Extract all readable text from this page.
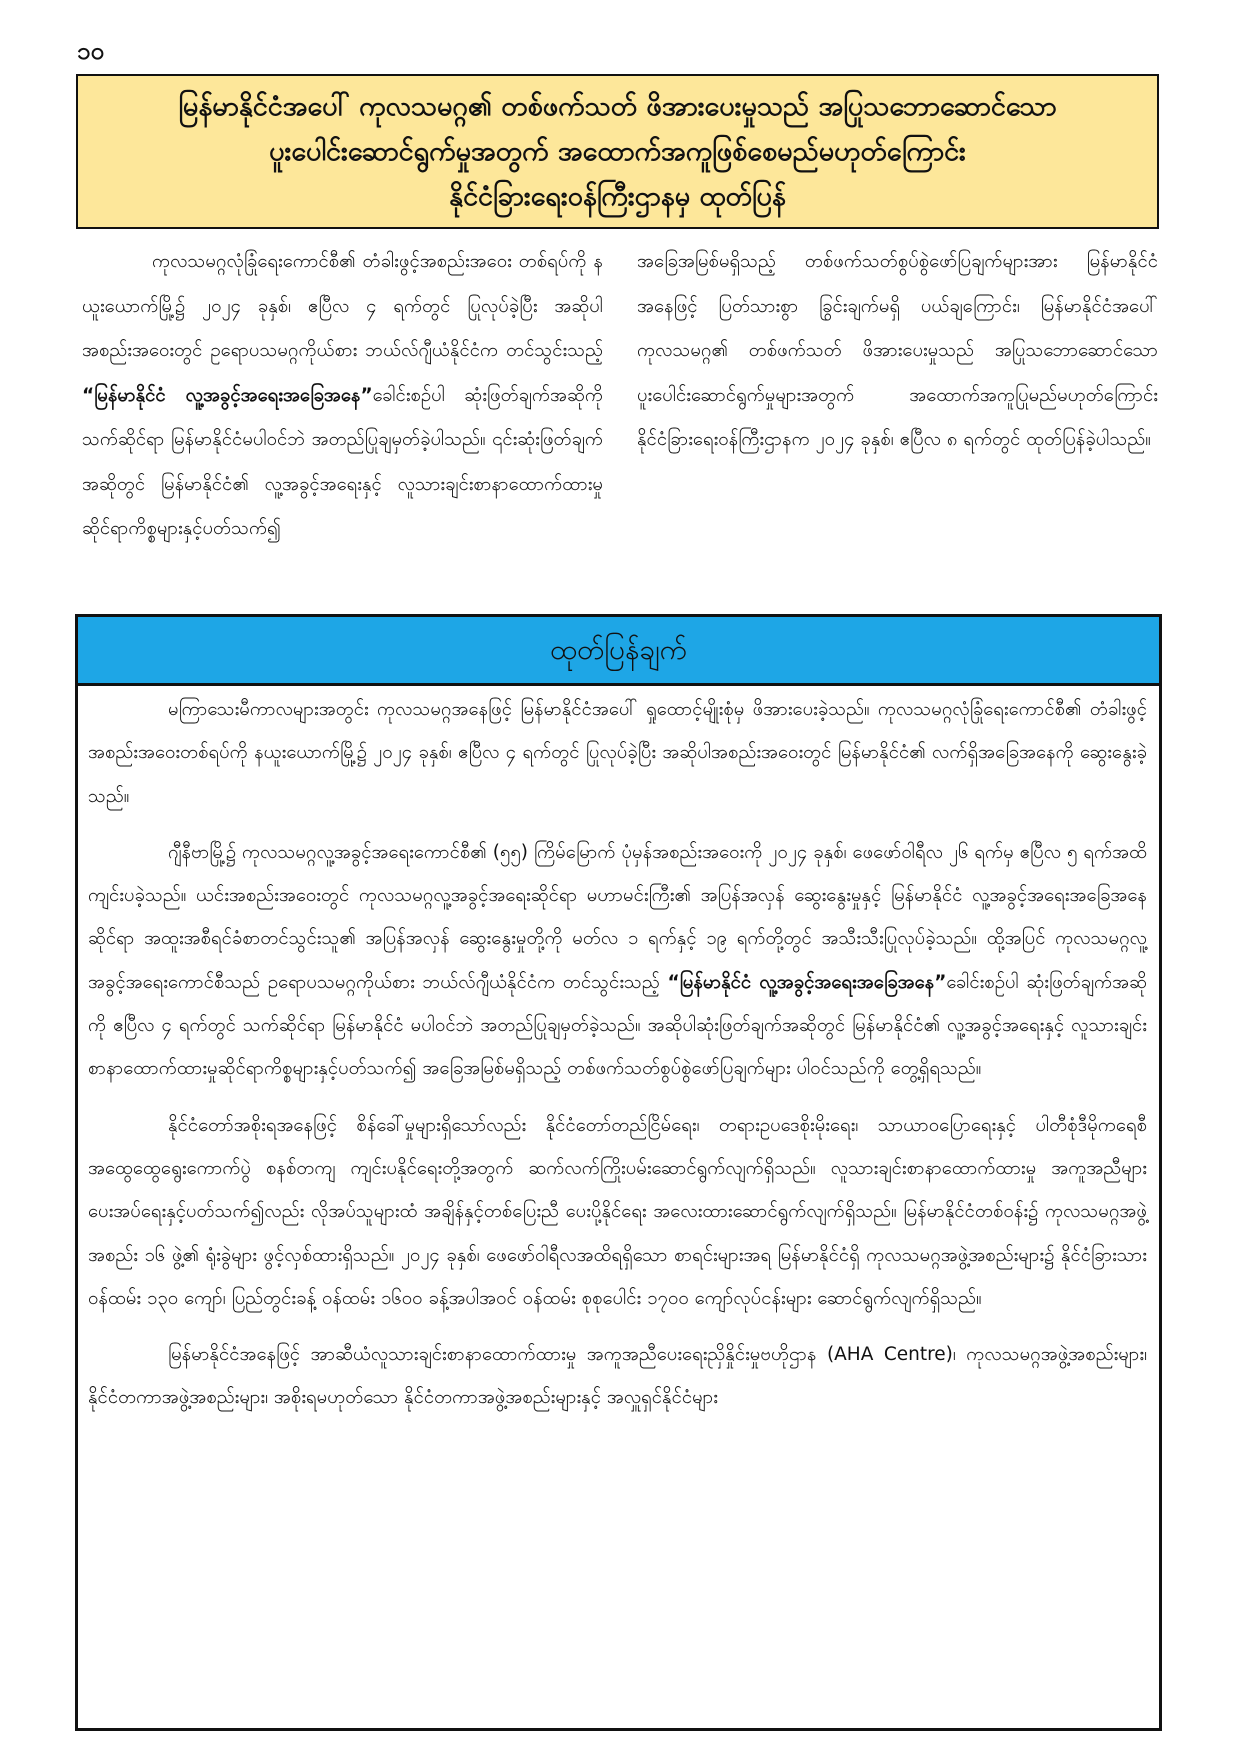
၁၀
မြန်မာနိုင်ငံအပေါ် ကုလသမဂ္ဂ၏ တစ်ဖက်သတ် ဖိအားပေးမှုသည် အပြုသဘောဆောင်သော
ပူးပေါင်းဆောင်ရွက်မှုအတွက် အထောက်အကူဖြစ်စေမည်မဟုတ်ကြောင်း
နိုင်ငံခြားရေးဝန်ကြီးဌာနမှ ထုတ်ပြန်

ကုလသမဂ္ဂလုံခြုံရေးကောင်စီ၏ တံခါးဖွင့်အစည်းအဝေး တစ်ရပ်ကို နယူးယောက်မြို့၌ ၂၀၂၄ ခုနှစ်၊ ဧပြီလ ၄ ရက်တွင် ပြုလုပ်ခဲ့ပြီး အဆိုပါအစည်းအဝေးတွင် ဥရောပသမဂ္ဂကိုယ်စား ဘယ်လ်ဂျီယံနိုင်ငံက တင်သွင်းသည့် “မြန်မာနိုင်ငံ လူ့အခွင့်အရေးအခြေအနေ”ခေါင်းစဉ်ပါ ဆုံးဖြတ်ချက်အဆိုကို သက်ဆိုင်ရာ မြန်မာနိုင်ငံမပါဝင်ဘဲ အတည်ပြုချမှတ်ခဲ့ပါသည်။ ၎င်းဆုံးဖြတ်ချက်အဆိုတွင် မြန်မာနိုင်ငံ၏ လူ့အခွင့်အရေးနှင့် လူသားချင်းစာနာထောက်ထားမှုဆိုင်ရာကိစ္စများနှင့်ပတ်သက်၍

အခြေအမြစ်မရှိသည့် တစ်ဖက်သတ်စွပ်စွဲဖော်ပြချက်များအား မြန်မာနိုင်ငံအနေဖြင့် ပြတ်သားစွာ ခြွင်းချက်မရှိ ပယ်ချကြောင်း၊ မြန်မာနိုင်ငံအပေါ် ကုလသမဂ္ဂ၏ တစ်ဖက်သတ် ဖိအားပေးမှုသည် အပြုသဘောဆောင်သော ပူးပေါင်းဆောင်ရွက်မှုများအတွက် အထောက်အကူပြုမည်မဟုတ်ကြောင်း နိုင်ငံခြားရေးဝန်ကြီးဌာနက ၂၀၂၄ ခုနှစ်၊ ဧပြီလ ၈ ရက်တွင် ထုတ်ပြန်ခဲ့ပါသည်။

ထုတ်ပြန်ချက်

မကြာသေးမီကာလများအတွင်း ကုလသမဂ္ဂအနေဖြင့် မြန်မာနိုင်ငံအပေါ် ရှုထောင့်မျိုးစုံမှ ဖိအားပေးခဲ့သည်။ ကုလသမဂ္ဂလုံခြုံရေးကောင်စီ၏ တံခါးဖွင့်အစည်းအဝေးတစ်ရပ်ကို နယူးယောက်မြို့၌ ၂၀၂၄ ခုနှစ်၊ ဧပြီလ ၄ ရက်တွင် ပြုလုပ်ခဲ့ပြီး အဆိုပါအစည်းအဝေးတွင် မြန်မာနိုင်ငံ၏ လက်ရှိအခြေအနေကို ဆွေးနွေးခဲ့သည်။

ဂျီနီဗာမြို့၌ ကုလသမဂ္ဂလူ့အခွင့်အရေးကောင်စီ၏ (၅၅) ကြိမ်မြောက် ပုံမှန်အစည်းအဝေးကို ၂၀၂၄ ခုနှစ်၊ ဖေဖော်ဝါရီလ ၂၆ ရက်မှ ဧပြီလ ၅ ရက်အထိ ကျင်းပခဲ့သည်။ ယင်းအစည်းအဝေးတွင် ကုလသမဂ္ဂလူ့အခွင့်အရေးဆိုင်ရာ မဟာမင်းကြီး၏ အပြန်အလှန် ဆွေးနွေးမှုနှင့် မြန်မာနိုင်ငံ လူ့အခွင့်အရေးအခြေအနေဆိုင်ရာ အထူးအစီရင်ခံစာတင်သွင်းသူ၏ အပြန်အလှန် ဆွေးနွေးမှုတို့ကို မတ်လ ၁ ရက်နှင့် ၁၉ ရက်တို့တွင် အသီးသီးပြုလုပ်ခဲ့သည်။ ထို့အပြင် ကုလသမဂ္ဂလူ့အခွင့်အရေးကောင်စီသည် ဥရောပသမဂ္ဂကိုယ်စား ဘယ်လ်ဂျီယံနိုင်ငံက တင်သွင်းသည့် “မြန်မာနိုင်ငံ လူ့အခွင့်အရေးအခြေအနေ”ခေါင်းစဉ်ပါ ဆုံးဖြတ်ချက်အဆိုကို ဧပြီလ ၄ ရက်တွင် သက်ဆိုင်ရာ မြန်မာနိုင်ငံ မပါဝင်ဘဲ အတည်ပြုချမှတ်ခဲ့သည်။ အဆိုပါဆုံးဖြတ်ချက်အဆိုတွင် မြန်မာနိုင်ငံ၏ လူ့အခွင့်အရေးနှင့် လူသားချင်းစာနာထောက်ထားမှုဆိုင်ရာကိစ္စများနှင့်ပတ်သက်၍ အခြေအမြစ်မရှိသည့် တစ်ဖက်သတ်စွပ်စွဲဖော်ပြချက်များ ပါဝင်သည်ကို တွေ့ရှိရသည်။

နိုင်ငံတော်အစိုးရအနေဖြင့် စိန်ခေါ်မှုများရှိသော်လည်း နိုင်ငံတော်တည်ငြိမ်ရေး၊ တရားဥပဒေစိုးမိုးရေး၊ သာယာဝပြောရေးနှင့် ပါတီစုံဒီမိုကရေစီ အထွေထွေရွေးကောက်ပွဲ စနစ်တကျ ကျင်းပနိုင်ရေးတို့အတွက် ဆက်လက်ကြိုးပမ်းဆောင်ရွက်လျက်ရှိသည်။ လူသားချင်းစာနာထောက်ထားမှု အကူအညီများပေးအပ်ရေးနှင့်ပတ်သက်၍လည်း လိုအပ်သူများထံ အချိန်နှင့်တစ်ပြေးညီ ပေးပို့နိုင်ရေး အလေးထားဆောင်ရွက်လျက်ရှိသည်။ မြန်မာနိုင်ငံတစ်ဝန်း၌ ကုလသမဂ္ဂအဖွဲ့အစည်း ၁၆ ဖွဲ့၏ ရုံးခွဲများ ဖွင့်လှစ်ထားရှိသည်။ ၂၀၂၄ ခုနှစ်၊ ဖေဖော်ဝါရီလအထိရရှိသော စာရင်းများအရ မြန်မာနိုင်ငံရှိ ကုလသမဂ္ဂအဖွဲ့အစည်းများ၌ နိုင်ငံခြားသားဝန်ထမ်း ၁၃၀ ကျော်၊ ပြည်တွင်းခန့် ဝန်ထမ်း ၁၆၀၀ ခန့်အပါအဝင် ဝန်ထမ်း စုစုပေါင်း ၁၇၀၀ ကျော်လုပ်ငန်းများ ဆောင်ရွက်လျက်ရှိသည်။

မြန်မာနိုင်ငံအနေဖြင့် အာဆီယံလူသားချင်းစာနာထောက်ထားမှု အကူအညီပေးရေးညှိနှိုင်းမှုဗဟိုဌာန (AHA Centre)၊ ကုလသမဂ္ဂအဖွဲ့အစည်းများ၊ နိုင်ငံတကာအဖွဲ့အစည်းများ၊ အစိုးရမဟုတ်သော နိုင်ငံတကာအဖွဲ့အစည်းများနှင့် အလှူရှင်နိုင်ငံများ
